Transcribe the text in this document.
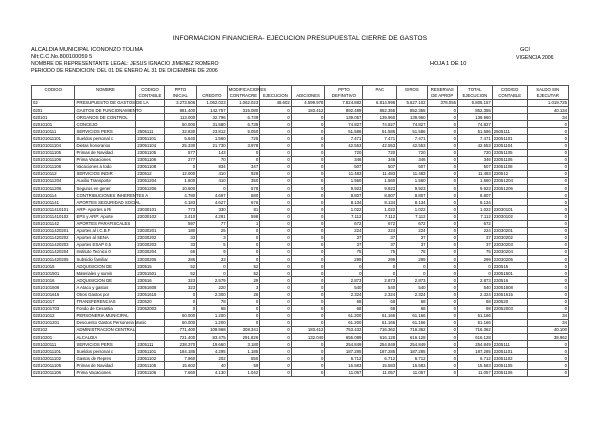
INFORMACION FINANCIERA- EJECUCION PRESUPUESTAL CIERRE DE GASTOS
ALCALDIA MUNICIPAL ICONONZO TOLIMA
NIt:C.C.No.800100059 5
NOMBRE DE REPRESENTANTE LEGAL: JESUS IGNACIO JIMENEZ ROMERO
PERIODO DE RENDICION: DEL 01 DE ENERO AL 31 DE DICIEMBRE DE 2006
GCI
VIGENCIA 2006
HOJA 1 DE 10
CODIGO	NOMBRE	CODIGO	PPTO		MODIFICACIONES			PPTO	PAC	GIROS	RESERVAS	TOTAL	CODIGO	SALDO SIN
		CONTABLE	INICIAL	CREDITO	CONTRACRE	EJECUCION	ADICIONES	DEFINITIVO			DE APROP	EJECUCION	CONTABLE	EJECUTAR
02	PRESUPUESTO DE GASTOS DE LA		3.273.506	1.062.023	1.062.023	48.602	4.599.978	7.824.882	6.814.996	6.627.102	378.055	6.805.157		1.019.725
0201	GASTOS DE FUNCIONAMIENTO		881.400	142.757	315.080	0	183.412	892.489	852.355	852.355	0	852.355		40.134
020101	ORGANOS DE CONTROL		113.000	32.796	6.739	0	0	139.057	139.960	139.960	0	139.960		34
02010101	CONCEJO		50.000	31.580	6.739	0	0	74.827	74.827	74.827	0	74.827		0
0201010111	SERVICIOS PERS	2505111	32.830	23.812	5.050	0	0	51.586	51.586	51.586	0	51.586	2505111	0
020101011101	Sueldos personal c	23051101	5.640	1.560	725	0	0	7.471	7.471	7.471	0	7.471	23051101	0
020101011104	Dietas honorarios	23051104	25.330	21.730	3.978	0	0	42.553	42.553	42.553	0	42.553	23051104	0
020101011105	Primas de Navidad	23051105	577	143	0	0	0	720	720	720	0	720	23051105	0
020101011106	Prima Vacaciones	23051106	277	70	0	0	0	346	346	346	0	346	23051106	0
020101011108	Vacaciones a todo	23051108	0	834	347	0	0	507	507	507	0	507	23051108	0
0201010112	SERVICIOS INDIR	230512	12.000	410	928	0	0	11.483	11.483	11.483	0	11.483	230512	0
020101011204	Auxilio Transporte	23051204	1.500	410	350	0	0	1.560	1.560	1.560	0	1.560	23051204	0
020101011206	Seguros en gener	23051206	10.500	0	578	0	0	9.923	9.923	9.923	0	9.923	23051206	0
0201010114	CONTRIBUCIONES INHERENTES A		4.780	4.697	680	0	0	8.807	8.807	8.807	0	8.807		0
02010101141	APORTES SEGURIDAD SOCIAL		4.183	4.627	676	0	0	8.134	8.134	8.134	0	8.134		0
020101011410101	ARP- Aportes a Ri	23030101	773	330	81	0	0	1.022	1.022	1.022	0	1.022	23030101	0
020101011410102	EPS y ARP: Aporte	23030102	3.410	4.291	598	0	0	7.112	7.112	7.112	0	7.112	23030102	0
02010101142	APORTES PARAFISCALES		597	77	1	0	0	672	672	672	0	672		0
020101011420201	Aportes al I.C.B.F	23030201	180	25	0	0	0	224	224	224	0	224	23030201	0
020101011420202	Aportes al SENA	23030202	33	3	0	0	0	37	37	37	0	37	23030202	0
020101011420203	Aportes ESAP 0,5	23030203	33	5	0	0	0	37	37	37	0	37	23030203	0
020101011420204	Instituto Tecnico 0	23030204	66	9	0	0	0	75	75	75	0	75	23030204	0
020101011420205	Subsidio familiar	23030205	286	33	0	0	0	299	299	299	0	299	23030205	0
020101015	ADQUISICION DE	230515	52	0	52	0	0	0	0	0	0	0	230515	0
02010101501	Materiales y sumin	23051501	52	0	52	0	0	0	0	0	0	0	23051501	0
020101016	ADQUISICION DE	230516	323	2.579	29	0	0	2.873	2.873	2.873	0	2.873	230516	0
02010101606	A Ataco y gastos	23051608	323	220	3	0	0	540	540	540	0	540	23051608	0
02010101615	Otros Gastos por	23051615	0	2.300	26	0	0	2.324	2.324	2.324	0	2.324	23051615	0
020101017	TRANSFERENCIAS	230520	0	78	0	0	0	68	68	68	0	68	230520	0
02010101703	Fondo de Cesantia	23052003	0	68	0	0	0	68	68	68	0	68	23052003	0
020101012	PERSONERIA MUNICIPAL		60.000	1.200	0	0	0	61.200	61.166	61.166	0	61.166		34
02010101201	Descuento Gastos Personeria Munic		60.000	1.200	0	0	0	61.200	61.166	61.166	0	61.166		34
020102	ADMINISTRACION CENTRAL		771.400	109.968	308.341	0	183.412	753.432	716.362	716.362	0	716.362		40.100
02010201	ALCALDIA		721.400	83.475	291.826	0	132.040	655.089	616.128	616.128	0	616.128		38.962
0201020111	SERVICIOS PERS	2305111	238.370	19.660	3.180	0	0	254.849	254.849	254.849	0	254.849	2305111	0
020102011101	Sueldos personal c	23051101	184.185	4.295	1.185	0	0	187.285	187.285	187.285	0	187.285	23051101	0
020102011102	Gastos de Repres	23051102	7.960	202	550	0	0	6.712	6.712	6.712	0	6.712	23051102	0
020102011105	Primas de Navidad	23051105	15.602	40	59	0	0	15.583	15.583	15.583	0	15.583	23051105	0
020102011106	Prima Vacaciones	23051106	7.660	4.130	1.042	0	0	11.057	11.057	11.057	0	11.057	23051106	0
